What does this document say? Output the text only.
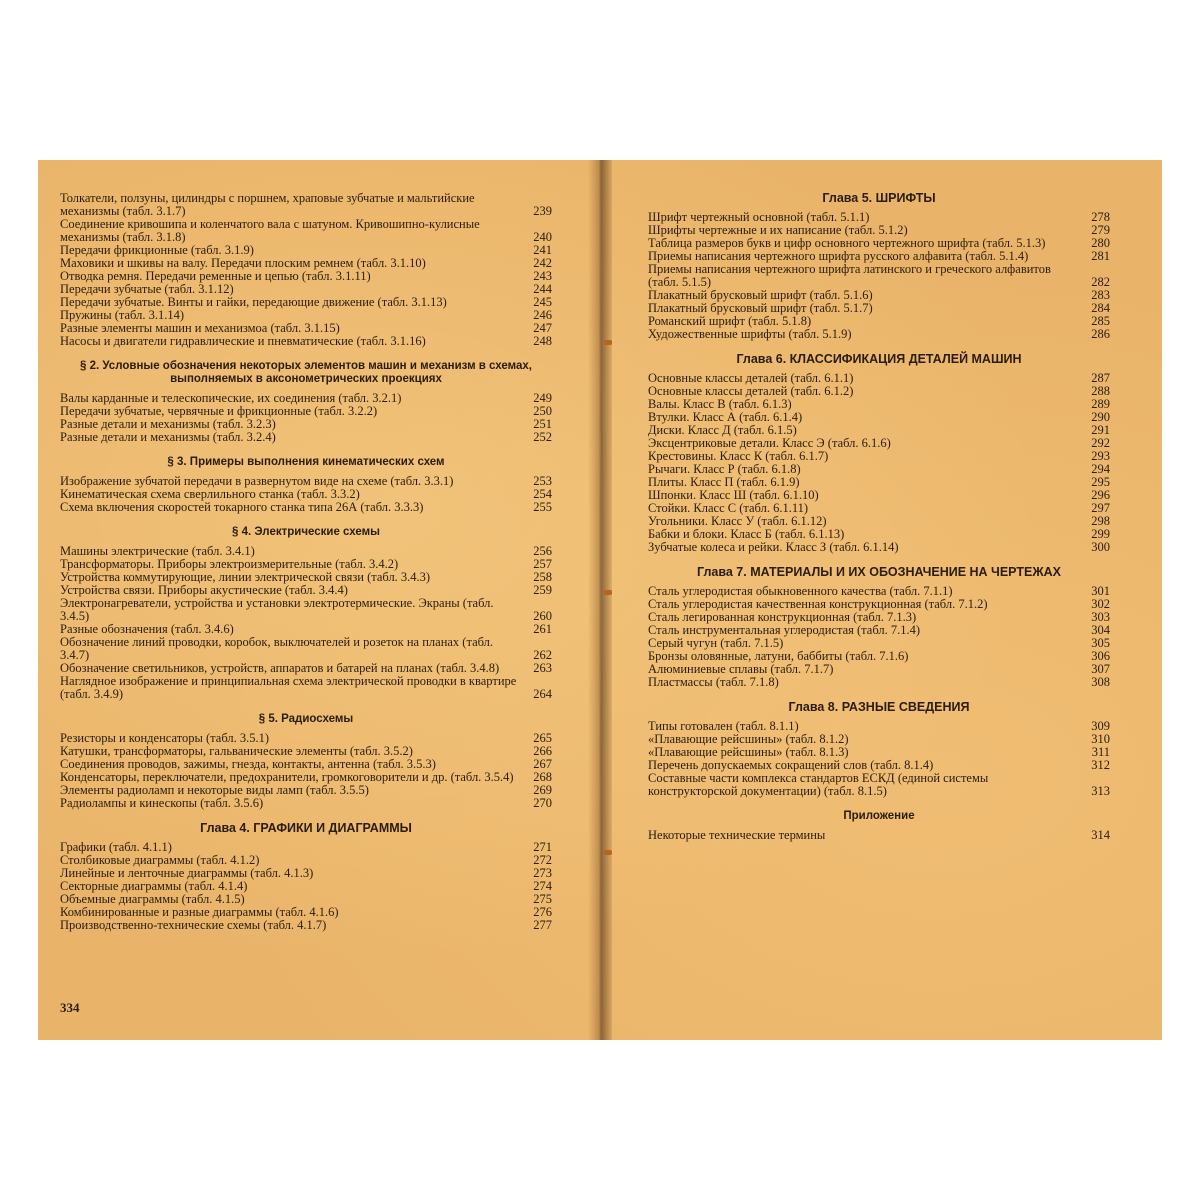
Толкатели, ползуны, цилиндры с поршнем, храповые зубчатые и мальтийские механизмы (табл. 3.1.7)	239
Соединение кривошипа и коленчатого вала с шатуном. Кривошипно-кулисные механизмы (табл. 3.1.8)	240
Передачи фрикционные (табл. 3.1.9)	241
Маховики и шкивы на валу. Передачи плоским ремнем (табл. 3.1.10)	242
Отводка ремня. Передачи ременные и цепью (табл. 3.1.11)	243
Передачи зубчатые (табл. 3.1.12)	244
Передачи зубчатые. Винты и гайки, передающие движение (табл. 3.1.13)	245
Пружины (табл. 3.1.14)	246
Разные элементы машин и механизмоа (табл. 3.1.15)	247
Насосы и двигатели гидравлические и пневматические (табл. 3.1.16)	248
§ 2. Условные обозначения некоторых элементов машин и механизм в схемах, выполняемых в аксонометрических проекциях
Валы карданные и телескопические, их соединения (табл. 3.2.1)	249
Передачи зубчатые, червячные и фрикционные (табл. 3.2.2)	250
Разные детали и механизмы (табл. 3.2.3)	251
Разные детали и механизмы (табл. 3.2.4)	252
§ 3. Примеры выполнения кинематических схем
Изображение зубчатой передачи в развернутом виде на схеме (табл. 3.3.1)	253
Кинематическая схема сверлильного станка (табл. 3.3.2)	254
Схема включения скоростей токарного станка типа 26А (табл. 3.3.3)	255
§ 4. Электрические схемы
Машины электрические (табл. 3.4.1)	256
Трансформаторы. Приборы электроизмерительные (табл. 3.4.2)	257
Устройства коммутирующие, линии электрической связи (табл. 3.4.3)	258
Устройства связи. Приборы акустические (табл. 3.4.4)	259
Электронагреватели, устройства и установки электротермические. Экраны (табл. 3.4.5)	260
Разные обозначения (табл. 3.4.6)	261
Обозначение линий проводки, коробок, выключателей и розеток на планах (табл. 3.4.7)	262
Обозначение светильников, устройств, аппаратов и батарей на планах (табл. 3.4.8)	263
Наглядное изображение и принципиальная схема электрической проводки в квартире (табл. 3.4.9)	264
§ 5. Радиосхемы
Резисторы и конденсаторы (табл. 3.5.1)	265
Катушки, трансформаторы, гальванические элементы (табл. 3.5.2)	266
Соединения проводов, зажимы, гнезда, контакты, антенна (табл. 3.5.3)	267
Конденсаторы, переключатели, предохранители, громкоговорители и др. (табл. 3.5.4)	268
Элементы радиоламп и некоторые виды ламп (табл. 3.5.5)	269
Радиолампы и кинескопы (табл. 3.5.6)	270
Глава 4. ГРАФИКИ И ДИАГРАММЫ
Графики (табл. 4.1.1)	271
Столбиковые диаграммы (табл. 4.1.2)	272
Линейные и ленточные диаграммы (табл. 4.1.3)	273
Секторные диаграммы (табл. 4.1.4)	274
Объемные диаграммы (табл. 4.1.5)	275
Комбинированные и разные диаграммы (табл. 4.1.6)	276
Производственно-технические схемы (табл. 4.1.7)	277
334
Глава 5. ШРИФТЫ
Шрифт чертежный основной (табл. 5.1.1)	278
Шрифты чертежные и их написание (табл. 5.1.2)	279
Таблица размеров букв и цифр основного чертежного шрифта (табл. 5.1.3)	280
Приемы написания чертежного шрифта русского алфавита (табл. 5.1.4)	281
Приемы написания чертежного шрифта латинского и греческого алфавитов (табл. 5.1.5)	282
Плакатный брусковый шрифт (табл. 5.1.6)	283
Плакатный брусковый шрифт (табл. 5.1.7)	284
Романский шрифт (табл. 5.1.8)	285
Художественные шрифты (табл. 5.1.9)	286
Глава 6. КЛАССИФИКАЦИЯ ДЕТАЛЕЙ МАШИН
Основные классы деталей (табл. 6.1.1)	287
Основные классы деталей (табл. 6.1.2)	288
Валы. Класс В (табл. 6.1.3)	289
Втулки. Класс А (табл. 6.1.4)	290
Диски. Класс Д (табл. 6.1.5)	291
Эксцентриковые детали. Класс Э (табл. 6.1.6)	292
Крестовины. Класс К (табл. 6.1.7)	293
Рычаги. Класс Р (табл. 6.1.8)	294
Плиты. Класс П (табл. 6.1.9)	295
Шпонки. Класс Ш (табл. 6.1.10)	296
Стойки. Класс С (табл. 6.1.11)	297
Угольники. Класс У (табл. 6.1.12)	298
Бабки и блоки. Класс Б (табл. 6.1.13)	299
Зубчатые колеса и рейки. Класс З (табл. 6.1.14)	300
Глава 7. МАТЕРИАЛЫ И ИХ ОБОЗНАЧЕНИЕ НА ЧЕРТЕЖАХ
Сталь углеродистая обыкновенного качества (табл. 7.1.1)	301
Сталь углеродистая качественная конструкционная (табл. 7.1.2)	302
Сталь легированная конструкционная (табл. 7.1.3)	303
Сталь инструментальная углеродистая (табл. 7.1.4)	304
Серый чугун (табл. 7.1.5)	305
Бронзы оловянные, латуни, баббиты (табл. 7.1.6)	306
Алюминиевые сплавы (табл. 7.1.7)	307
Пластмассы (табл. 7.1.8)	308
Глава 8. РАЗНЫЕ СВЕДЕНИЯ
Типы готовален (табл. 8.1.1)	309
«Плавающие рейсшины» (табл. 8.1.2)	310
«Плавающие рейсшины» (табл. 8.1.3)	311
Перечень допускаемых сокращений слов (табл. 8.1.4)	312
Составные части комплекса стандартов ЕСКД (единой системы конструкторской документации) (табл. 8.1.5)	313
Приложение
Некоторые технические термины	314
